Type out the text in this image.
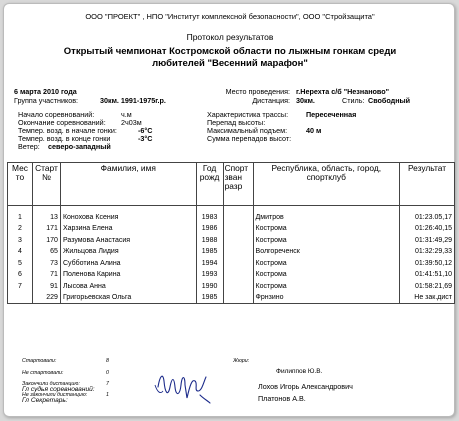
ООО "ПРОЕКТ" , НПО "Институт комплексной безопасности", ООО "Стройзащита"
Протокол результатов
Открытый чемпионат Костромской области по лыжным гонкам среди
любителей "Весенний марафон"
6 марта 2010 года
Группа участников:	30км. 1991-1975г.р.
Начало соревнований:	ч.м
Окончание соревнований: 2ч03м
Темпер. возд. в начале гонки:	-6°С
Темпер. возд. в конце гонки	-3°С
Ветер: северо-западный
Место проведения: г.Нерехта с/б "Незнаново"
Дистанция: 30км.	Стиль: Свободный
Характеристика трассы: Пересеченная
Перепад высоты:
Максимальный подъем:	40 м
Сумма перепадов высот:
Мес то	Старт №	Фамилия, имя	Год рожд	Спорт зван разр	Республика, область, город, спортклуб	Результат

1	13	Конохова Ксения	1983		Дмитров	01:23.05,17
2	171	Харзина Елена	1986		Кострома	01:26:40,15
3	170	Разумова Анастасия	1988		Кострома	01:31:49,29
4	65	Жильцова Лидия	1985		Волгореченск	01:32:29,33
5	73	Субботина Алина	1994		Кострома	01:39:50,12
6	71	Поленова Карина	1993		Кострома	01:41:51,10
7	91	Лысова Анна	1990		Кострома	01:58:21,69
	229	Григорьевская Ольга	1985		Фрнзино	Не зак.дист
Стартовали:	8
Не стартовали:	0
Закончили дистанцию:	7
Не закончили дистанцию:	1
Жюри:
Филиппов Ю.В.
Гл судья соревнований:	Лохов Игорь Александрович
Гл Секретарь:	Платонов А.В.
